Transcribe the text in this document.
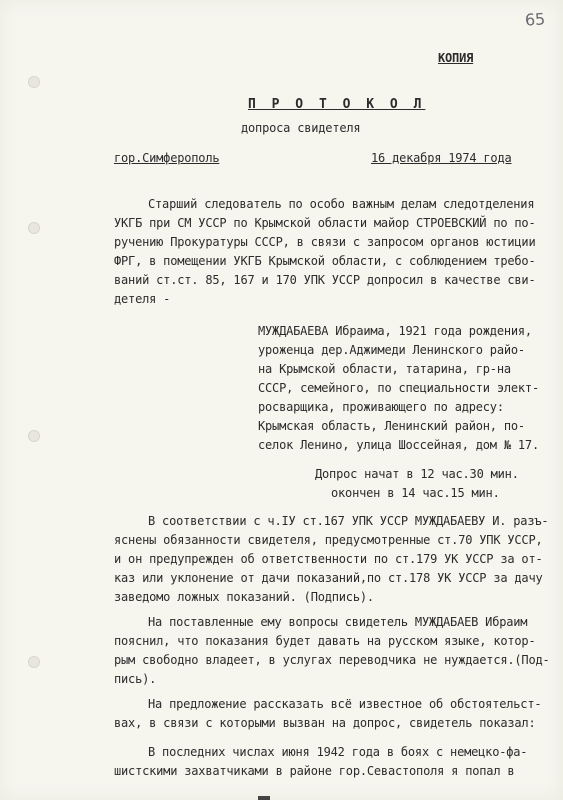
65
КОПИЯ
П Р О Т О К О Л
допроса свидетеля
гор.Симферополь	16 декабря 1974 года
Старший следователь по особо важным делам следотделения
УКГБ при СМ УССР по Крымской области майор СТРОЕВСКИЙ по по-
ручению Прокуратуры СССР, в связи с запросом органов юстиции
ФРГ, в помещении УКГБ Крымской области, с соблюдением требо-
ваний ст.ст. 85, 167 и 170 УПК УССР допросил в качестве сви-
детеля -
МУЖДАБАЕВА Ибраима, 1921 года рождения,
уроженца дер.Аджимеди Ленинского райо-
на Крымской области, татарина, гр-на
СССР, семейного, по специальности элект-
росварщика, проживающего по адресу:
Крымская область, Ленинский район, по-
селок Ленино, улица Шоссейная, дом № 17.
Допрос начат в 12 час.30 мин.
окончен в 14 час.15 мин.
В соответствии с ч.IУ ст.167 УПК УССР МУЖДАБАЕВУ И. разъ-
яснены обязанности свидетеля, предусмотренные ст.70 УПК УССР,
и он предупрежден об ответственности по ст.179 УК УССР за от-
каз или уклонение от дачи показаний,по ст.178 УК УССР за дачу
заведомо ложных показаний. (Подпись).
На поставленные ему вопросы свидетель МУЖДАБАЕВ Ибраим
пояснил, что показания будет давать на русском языке, котор-
рым свободно владеет, в услугах переводчика не нуждается.(Под-
пись).
На предложение рассказать всё известное об обстоятельст-
вах, в связи с которыми вызван на допрос, свидетель показал:
В последних числах июня 1942 года в боях с немецко-фа-
шистскими захватчиками в районе гор.Севастополя я попал в
